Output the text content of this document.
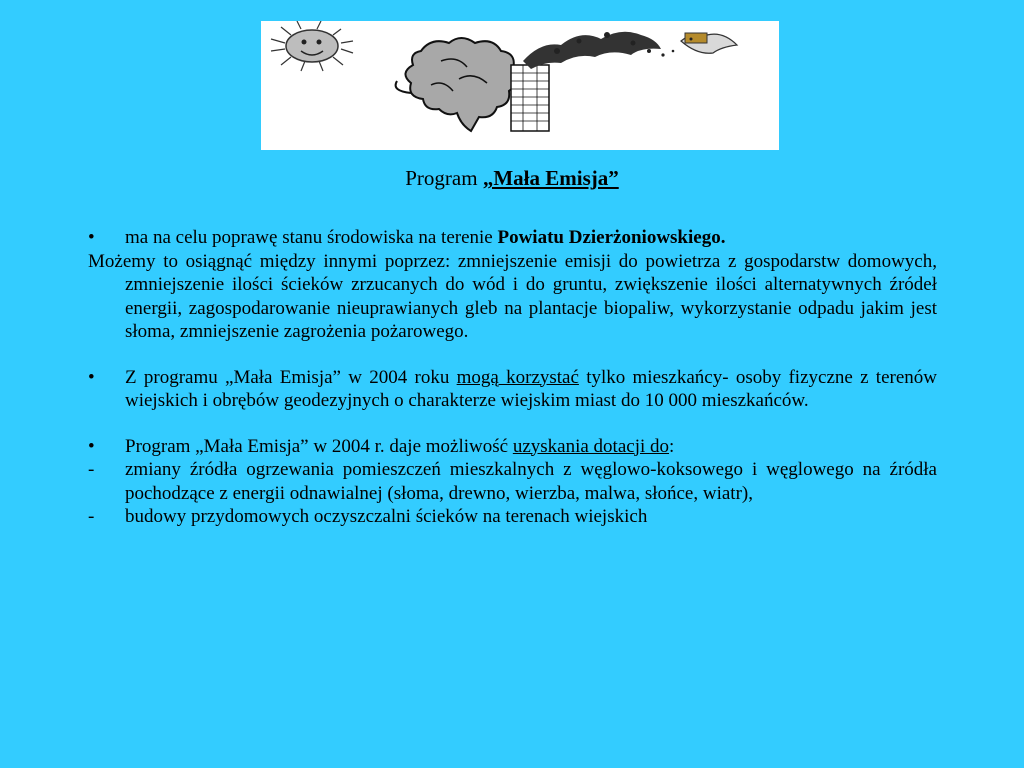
Program „Mała Emisja”

• ma na celu poprawę stanu środowiska na terenie Powiatu Dzierżoniowskiego.

Możemy to osiągnąć między innymi poprzez: zmniejszenie emisji do powietrza z gospodarstw domowych, zmniejszenie ilości ścieków zrzucanych do wód i do gruntu, zwiększenie ilości alternatywnych źródeł energii, zagospodarowanie nieuprawianych gleb na plantacje biopaliw, wykorzystanie odpadu jakim jest słoma, zmniejszenie zagrożenia pożarowego.

• Z programu „Mała Emisja” w 2004 roku mogą korzystać tylko mieszkańcy- osoby fizyczne z terenów wiejskich i obrębów geodezyjnych o charakterze wiejskim miast do 10 000 mieszkańców.

• Program „Mała Emisja” w 2004 r. daje możliwość uzyskania dotacji do:

- zmiany źródła ogrzewania pomieszczeń mieszkalnych z węglowo-koksowego i węglowego na źródła pochodzące z energii odnawialnej (słoma, drewno, wierzba, malwa, słońce, wiatr),

- budowy przydomowych oczyszczalni ścieków na terenach wiejskich
